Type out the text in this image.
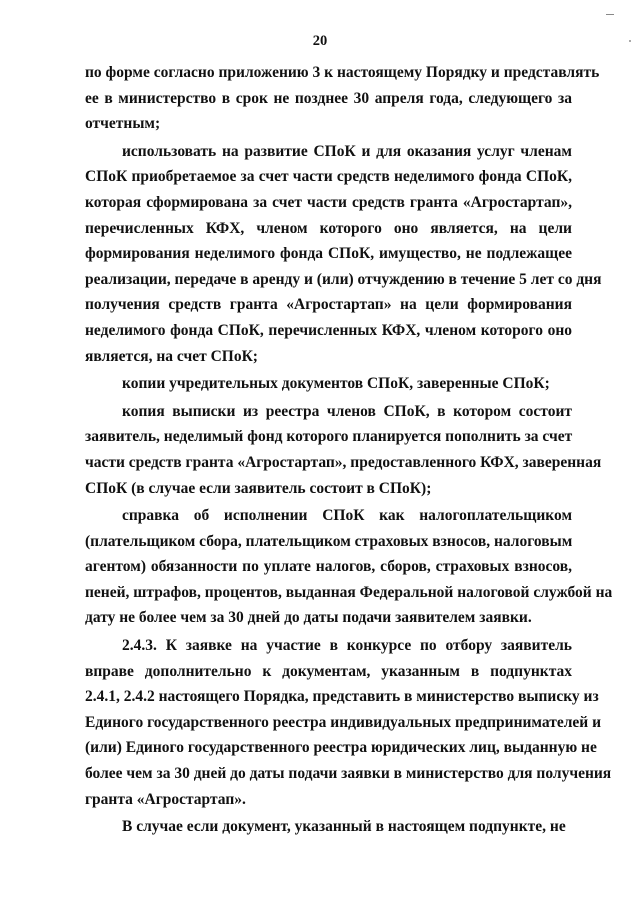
20
по форме согласно приложению 3 к настоящему Порядку и представлять
ее в министерство в срок не позднее 30 апреля года, следующего за
отчетным;
использовать на развитие СПоК и для оказания услуг членам
СПоК приобретаемое за счет части средств неделимого фонда СПоК,
которая сформирована за счет части средств гранта «Агростартап»,
перечисленных КФХ, членом которого оно является, на цели
формирования неделимого фонда СПоК, имущество, не подлежащее
реализации, передаче в аренду и (или) отчуждению в течение 5 лет со дня
получения средств гранта «Агростартап» на цели формирования
неделимого фонда СПоК, перечисленных КФХ, членом которого оно
является, на счет СПоК;
копии учредительных документов СПоК, заверенные СПоК;
копия выписки из реестра членов СПоК, в котором состоит
заявитель, неделимый фонд которого планируется пополнить за счет
части средств гранта «Агростартап», предоставленного КФХ, заверенная
СПоК (в случае если заявитель состоит в СПоК);
справка об исполнении СПоК как налогоплательщиком
(плательщиком сбора, плательщиком страховых взносов, налоговым
агентом) обязанности по уплате налогов, сборов, страховых взносов,
пеней, штрафов, процентов, выданная Федеральной налоговой службой на
дату не более чем за 30 дней до даты подачи заявителем заявки.
2.4.3. К заявке на участие в конкурсе по отбору заявитель
вправе дополнительно к документам, указанным в подпунктах
2.4.1, 2.4.2 настоящего Порядка, представить в министерство выписку из
Единого государственного реестра индивидуальных предпринимателей и
(или) Единого государственного реестра юридических лиц, выданную не
более чем за 30 дней до даты подачи заявки в министерство для получения
гранта «Агростартап».
В случае если документ, указанный в настоящем подпункте, не
